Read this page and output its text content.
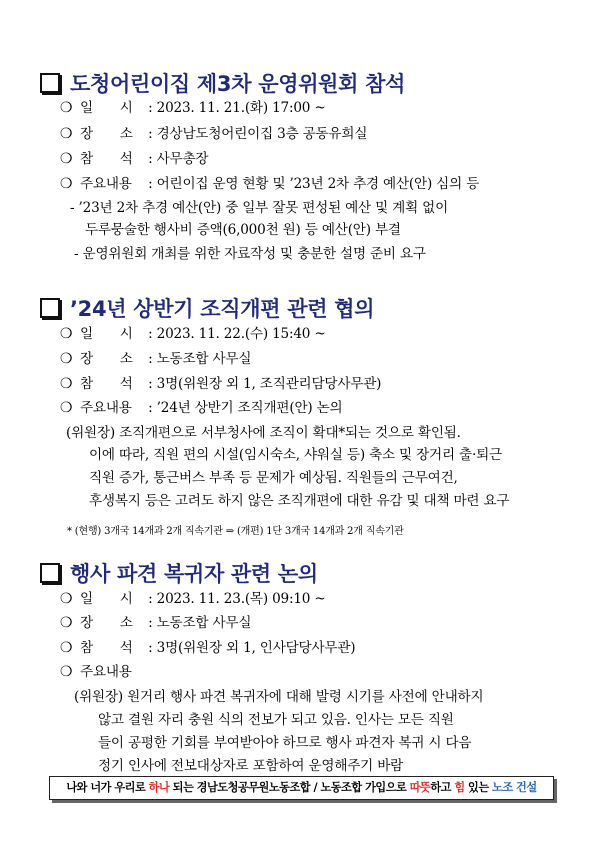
도청어린이집 제3차 운영위원회 참석
❍ 일　　시 : 2023. 11. 21.(화) 17:00 ~
❍ 장　　소 : 경상남도청어린이집 3층 공동유희실
❍ 참　　석 : 사무총장
❍ 주요내용 : 어린이집 운영 현황 및 ’23년 2차 추경 예산(안) 심의 등
- ’23년 2차 추경 예산(안) 중 일부 잘못 편성된 예산 및 계획 없이
두루뭉술한 행사비 증액(6,000천 원) 등 예산(안) 부결
- 운영위원회 개최를 위한 자료작성 및 충분한 설명 준비 요구
’24년 상반기 조직개편 관련 협의
❍ 일　　시 : 2023. 11. 22.(수) 15:40 ~
❍ 장　　소 : 노동조합 사무실
❍ 참　　석 : 3명(위원장 외 1, 조직관리담당사무관)
❍ 주요내용 : ’24년 상반기 조직개편(안) 논의
(위원장) 조직개편으로 서부청사에 조직이 확대*되는 것으로 확인됨.
이에 따라, 직원 편의 시설(임시숙소, 샤워실 등) 축소 및 장거리 출·퇴근
직원 증가, 통근버스 부족 등 문제가 예상됨. 직원들의 근무여건,
후생복지 등은 고려도 하지 않은 조직개편에 대한 유감 및 대책 마련 요구
* (현행) 3개국 14개과 2개 직속기관 ⇒ (개편) 1단 3개국 14개과 2개 직속기관
행사 파견 복귀자 관련 논의
❍ 일　　시 : 2023. 11. 23.(목) 09:10 ~
❍ 장　　소 : 노동조합 사무실
❍ 참　　석 : 3명(위원장 외 1, 인사담당사무관)
❍ 주요내용
(위원장) 원거리 행사 파견 복귀자에 대해 발령 시기를 사전에 안내하지
않고 결원 자리 충원 식의 전보가 되고 있음. 인사는 모든 직원
들이 공평한 기회를 부여받아야 하므로 행사 파견자 복귀 시 다음
정기 인사에 전보대상자로 포함하여 운영해주기 바람
나와 너가 우리로 하나 되는 경남도청공무원노동조합 / 노동조합 가입으로 따뜻하고 힘 있는 노조 건설
